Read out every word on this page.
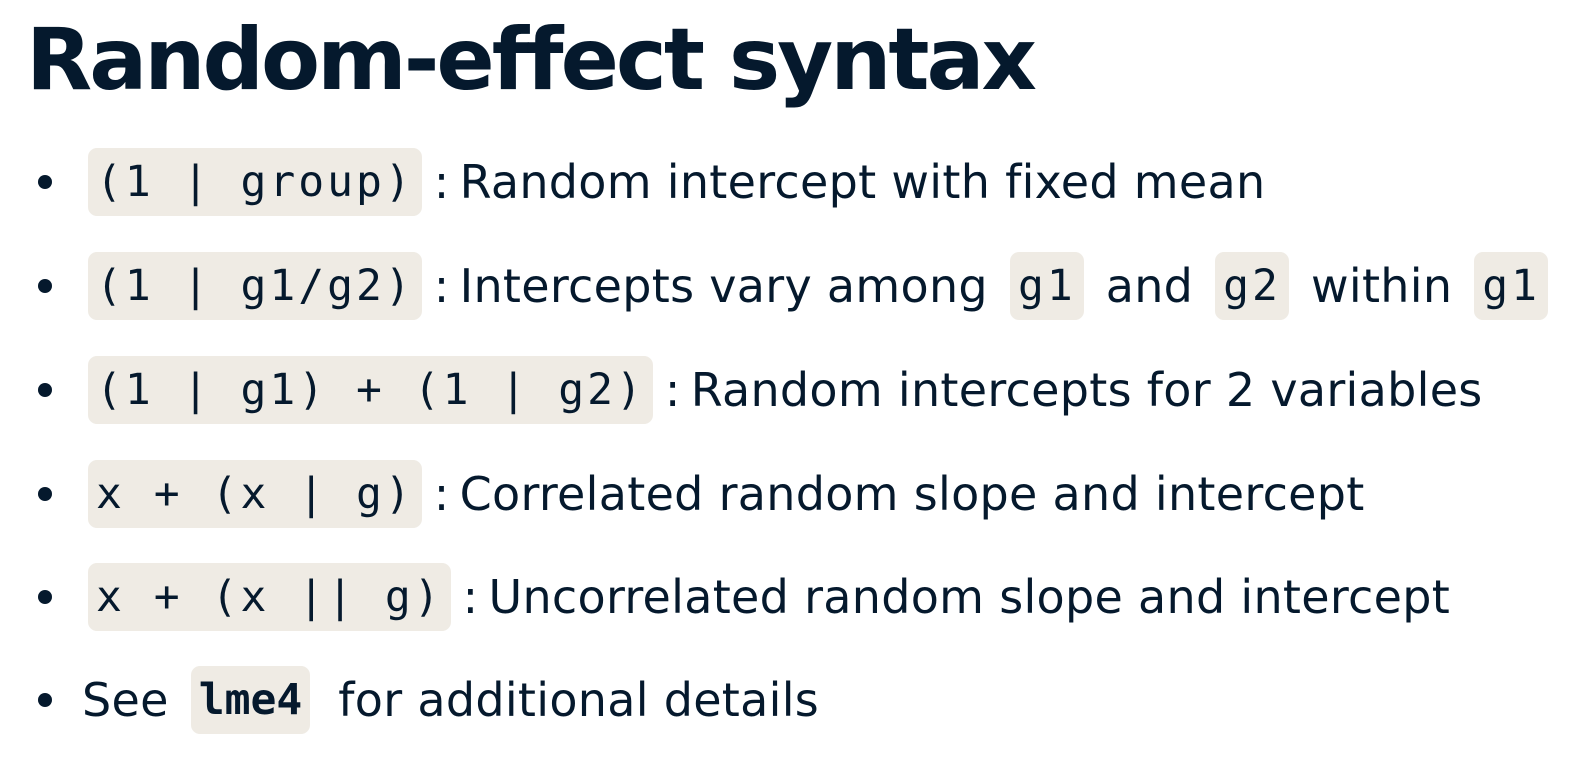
Random-effect syntax
(1 | group) : Random intercept with fixed mean
(1 | g1/g2) : Intercepts vary among g1 and g2 within g1
(1 | g1) + (1 | g2) : Random intercepts for 2 variables
x + (x | g) : Correlated random slope and intercept
x + (x || g) : Uncorrelated random slope and intercept
See lme4 for additional details
